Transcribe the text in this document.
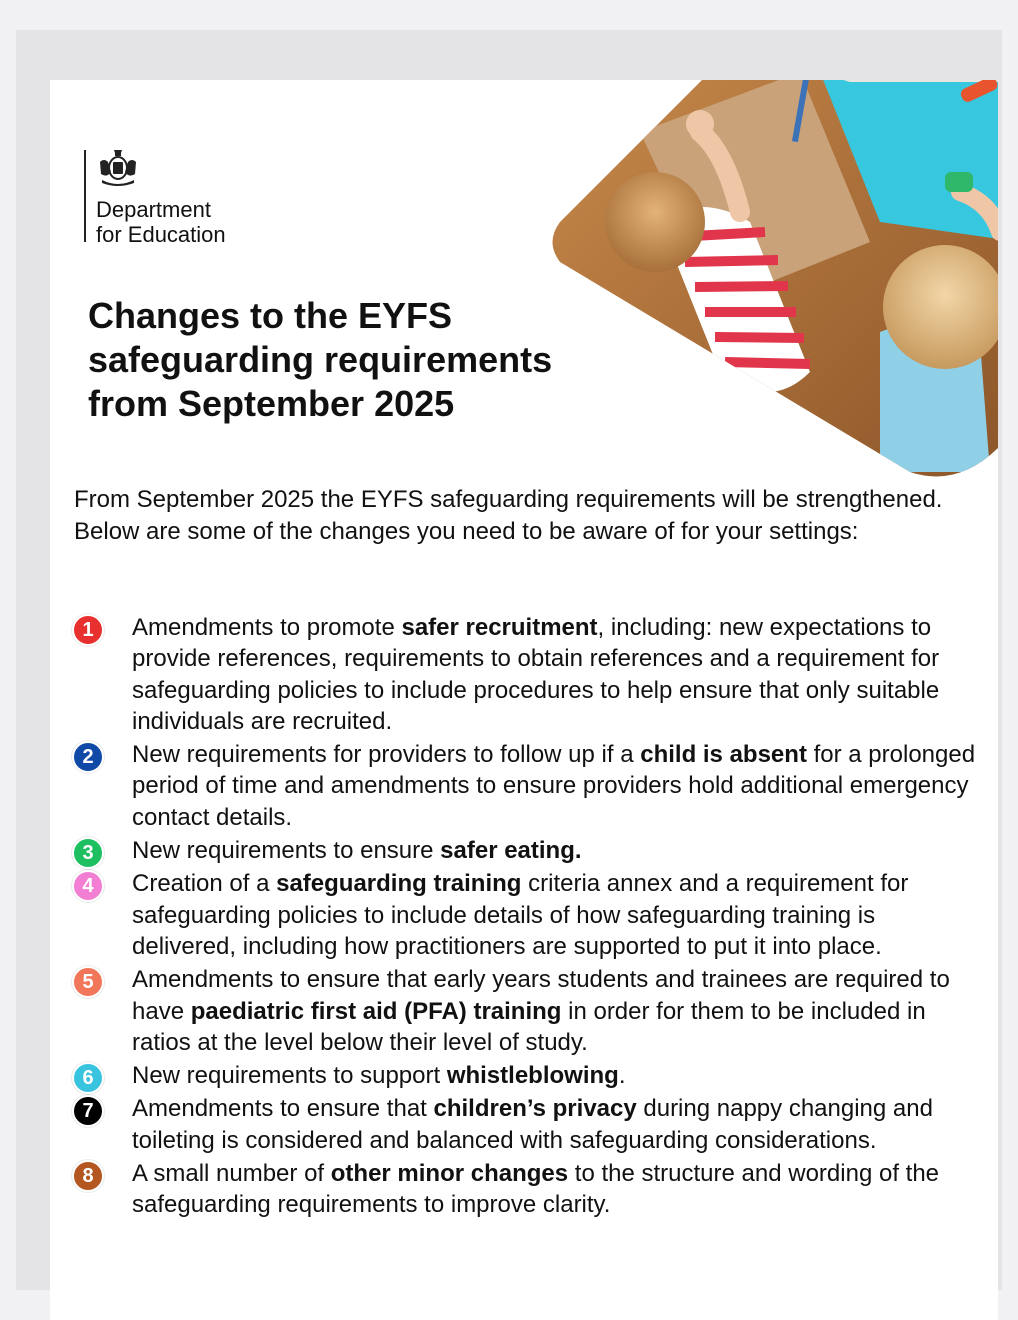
Department
for Education
Changes to the EYFS
safeguarding requirements
from September 2025

From September 2025 the EYFS safeguarding requirements will be strengthened. Below are some of the changes you need to be aware of for your settings:

1	Amendments to promote safer recruitment, including: new expectations to provide references, requirements to obtain references and a requirement for safeguarding policies to include procedures to help ensure that only suitable individuals are recruited.
2	New requirements for providers to follow up if a child is absent for a prolonged period of time and amendments to ensure providers hold additional emergency contact details.
3	New requirements to ensure safer eating.
4	Creation of a safeguarding training criteria annex and a requirement for safeguarding policies to include details of how safeguarding training is delivered, including how practitioners are supported to put it into place.
5	Amendments to ensure that early years students and trainees are required to have paediatric first aid (PFA) training in order for them to be included in ratios at the level below their level of study.
6	New requirements to support whistleblowing.
7	Amendments to ensure that children’s privacy during nappy changing and toileting is considered and balanced with safeguarding considerations.
8	A small number of other minor changes to the structure and wording of the safeguarding requirements to improve clarity.
